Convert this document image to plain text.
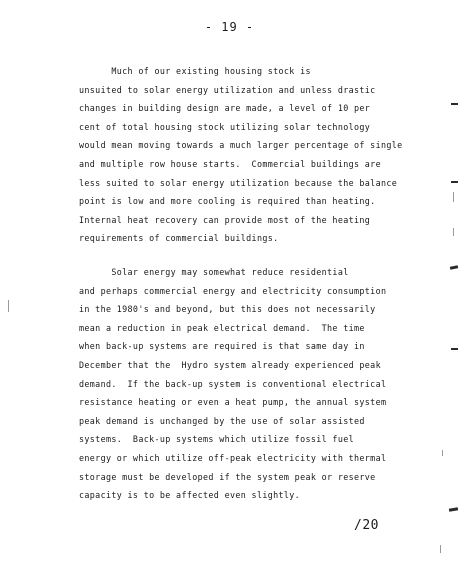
- 19 -

Much of our existing housing stock is
unsuited to solar energy utilization and unless drastic
changes in building design are made, a level of 10 per
cent of total housing stock utilizing solar technology
would mean moving towards a much larger percentage of single
and multiple row house starts.  Commercial buildings are
less suited to solar energy utilization because the balance
point is low and more cooling is required than heating.
Internal heat recovery can provide most of the heating
requirements of commercial buildings.

Solar energy may somewhat reduce residential
and perhaps commercial energy and electricity consumption
in the 1980's and beyond, but this does not necessarily
mean a reduction in peak electrical demand.  The time
when back-up systems are required is that same day in
December that the  Hydro system already experienced peak
demand.  If the back-up system is conventional electrical
resistance heating or even a heat pump, the annual system
peak demand is unchanged by the use of solar assisted
systems.  Back-up systems which utilize fossil fuel
energy or which utilize off-peak electricity with thermal
storage must be developed if the system peak or reserve
capacity is to be affected even slightly.

/20
